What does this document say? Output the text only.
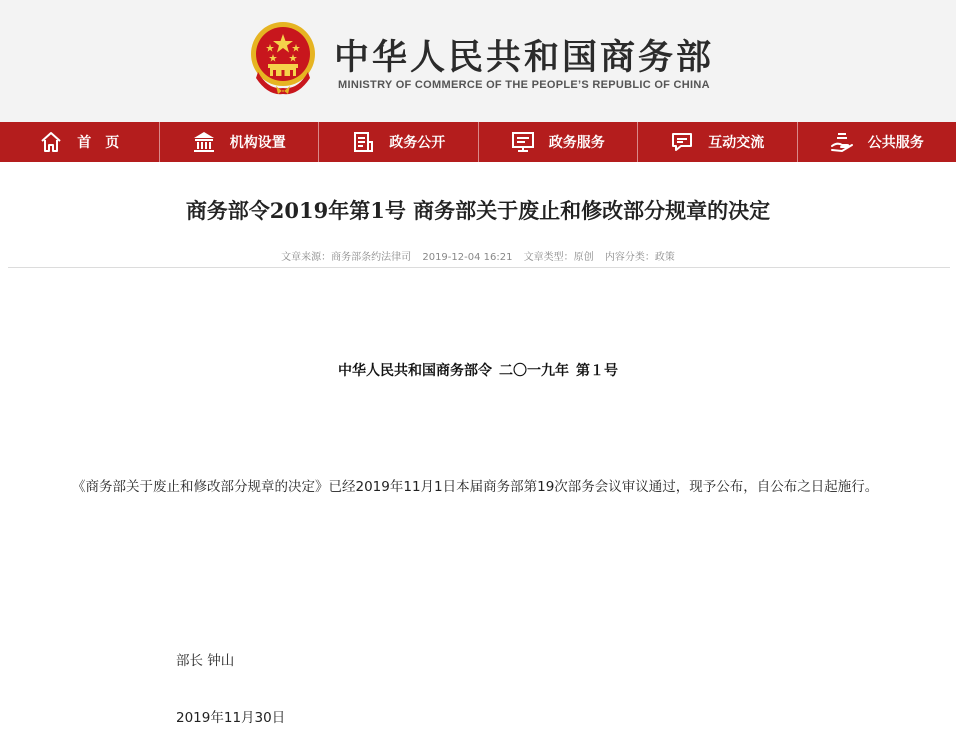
中华人民共和国商务部
MINISTRY OF COMMERCE OF THE PEOPLE’S REPUBLIC OF CHINA
首　页	机构设置	政务公开	政务服务	互动交流	公共服务
商务部令2019年第1号 商务部关于废止和修改部分规章的决定
文章来源：商务部条约法律司 2019-12-04 16:21 文章类型：原创 内容分类：政策
中华人民共和国商务部令  二〇一九年  第１号
《商务部关于废止和修改部分规章的决定》已经2019年11月1日本届商务部第19次部务会议审议通过，现予公布，自公布之日起施行。
部长 钟山
2019年11月30日
